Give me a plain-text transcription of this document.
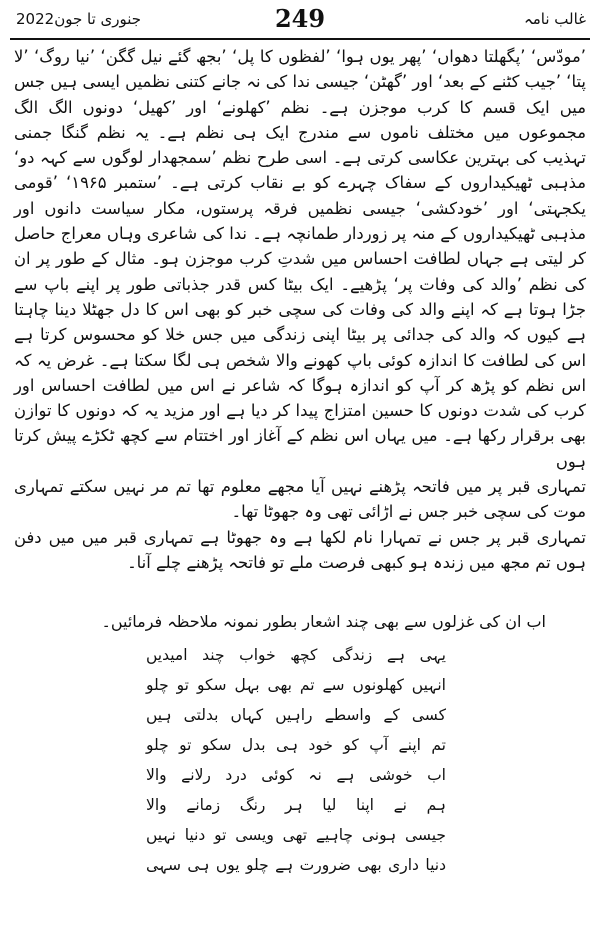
جنوری تا جون2022	249	غالب نامہ

’مودّس‘ ’پگھلتا دھواں‘ ’پھر یوں ہوا‘ ’لفظوں کا پل‘ ’بجھ گئے نیل گگن‘ ’نیا روگ‘ ’لا پتا‘ ’جیب کٹنے کے بعد‘ اور ’گھٹن‘ جیسی ندا کی نہ جانے کتنی نظمیں ایسی ہیں جس میں ایک قسم کا کرب موجزن ہے۔ نظم ’کھلونے‘ اور ’کھیل‘ دونوں الگ الگ مجموعوں میں مختلف ناموں سے مندرج ایک ہی نظم ہے۔ یہ نظم گنگا جمنی تہذیب کی بہترین عکاسی کرتی ہے۔ اسی طرح نظم ’سمجھدار لوگوں سے کہہ دو‘ مذہبی ٹھیکیداروں کے سفاک چہرے کو بے نقاب کرتی ہے۔ ’ستمبر ۱۹۶۵‘ ’قومی یکجہتی‘ اور ’خودکشی‘ جیسی نظمیں فرقہ پرستوں، مکار سیاست دانوں اور مذہبی ٹھیکیداروں کے منہ پر زوردار طمانچہ ہے۔ ندا کی شاعری وہاں معراج حاصل کر لیتی ہے جہاں لطافت احساس میں شدتِ کرب موجزن ہو۔ مثال کے طور پر ان کی نظم ’والد کی وفات پر‘ پڑھیے۔ ایک بیٹا کس قدر جذباتی طور پر اپنے باپ سے جڑا ہوتا ہے کہ اپنے والد کی وفات کی سچی خبر کو بھی اس کا دل جھٹلا دینا چاہتا ہے کیوں کہ والد کی جدائی پر بیٹا اپنی زندگی میں جس خلا کو محسوس کرتا ہے اس کی لطافت کا اندازہ کوئی باپ کھونے والا شخص ہی لگا سکتا ہے۔ غرض یہ کہ اس نظم کو پڑھ کر آپ کو اندازہ ہوگا کہ شاعر نے اس میں لطافت احساس اور کرب کی شدت دونوں کا حسین امتزاج پیدا کر دیا ہے اور مزید یہ کہ دونوں کا توازن بھی برقرار رکھا ہے۔ میں یہاں اس نظم کے آغاز اور اختتام سے کچھ ٹکڑے پیش کرتا ہوں

تمہاری قبر پر میں فاتحہ پڑھنے نہیں آیا مجھے معلوم تھا تم مر نہیں سکتے تمہاری موت کی سچی خبر جس نے اڑائی تھی وہ جھوٹا تھا۔

تمہاری قبر پر جس نے تمہارا نام لکھا ہے وہ جھوٹا ہے تمہاری قبر میں میں دفن ہوں تم مجھ میں زندہ ہو کبھی فرصت ملے تو فاتحہ پڑھنے چلے آنا۔

اب ان کی غزلوں سے بھی چند اشعار بطور نمونہ ملاحظہ فرمائیں۔
یہی ہے زندگی کچھ خواب چند امیدیں
انہیں کھلونوں سے تم بھی بہل سکو تو چلو
کسی کے واسطے راہیں کہاں بدلتی ہیں
تم اپنے آپ کو خود ہی بدل سکو تو چلو
اب خوشی ہے نہ کوئی درد رلانے والا
ہم نے اپنا لیا ہر رنگ زمانے والا
جیسی ہونی چاہیے تھی ویسی تو دنیا نہیں
دنیا داری بھی ضرورت ہے چلو یوں ہی سہی
